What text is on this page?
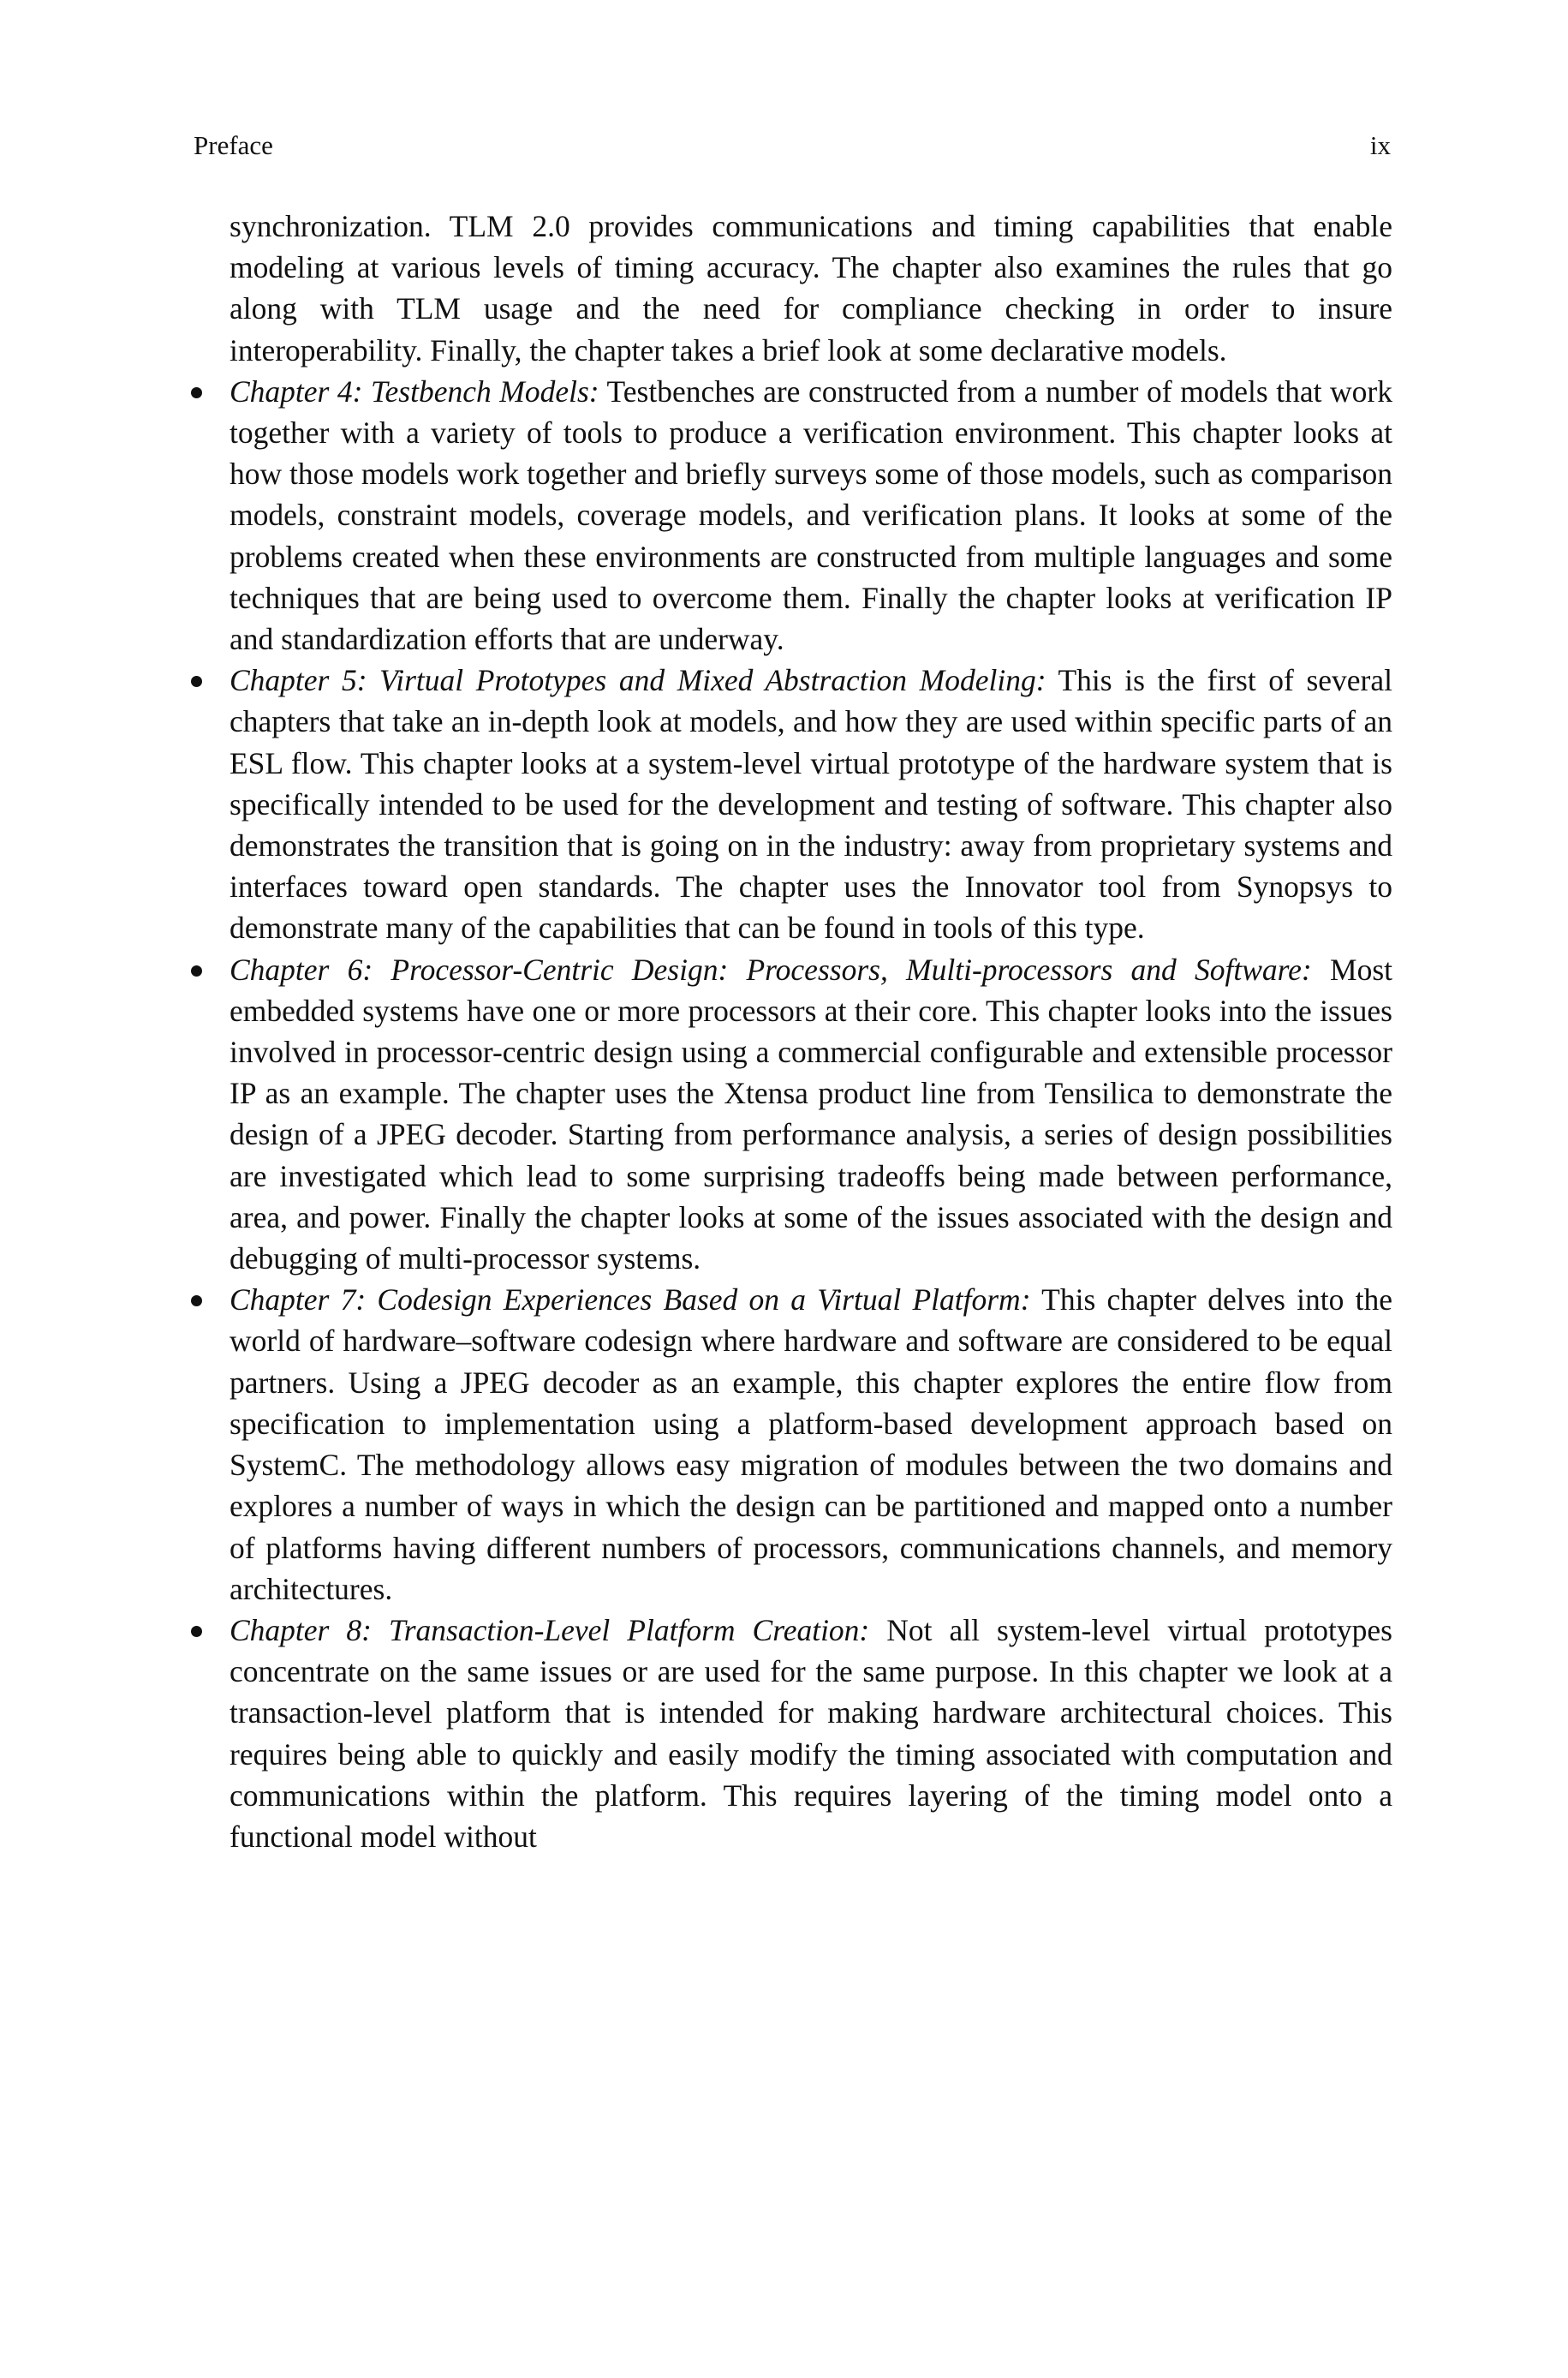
Preface	ix

synchronization. TLM 2.0 provides communications and timing capabilities that enable modeling at various levels of timing accuracy. The chapter also examines the rules that go along with TLM usage and the need for compliance checking in order to insure interoperability. Finally, the chapter takes a brief look at some declarative models.

Chapter 4: Testbench Models: Testbenches are constructed from a number of models that work together with a variety of tools to produce a verification environment. This chapter looks at how those models work together and briefly surveys some of those models, such as comparison models, constraint models, coverage models, and verification plans. It looks at some of the problems created when these environments are constructed from multiple languages and some techniques that are being used to overcome them. Finally the chapter looks at verification IP and standardization efforts that are underway.
Chapter 5: Virtual Prototypes and Mixed Abstraction Modeling: This is the first of several chapters that take an in-depth look at models, and how they are used within specific parts of an ESL flow. This chapter looks at a system-level virtual prototype of the hardware system that is specifically intended to be used for the development and testing of software. This chapter also demonstrates the transition that is going on in the industry: away from proprietary systems and interfaces toward open standards. The chapter uses the Innovator tool from Synopsys to demonstrate many of the capabilities that can be found in tools of this type.
Chapter 6: Processor-Centric Design: Processors, Multi-processors and Software: Most embedded systems have one or more processors at their core. This chapter looks into the issues involved in processor-centric design using a commercial configurable and extensible processor IP as an example. The chapter uses the Xtensa product line from Tensilica to demonstrate the design of a JPEG decoder. Starting from performance analysis, a series of design possibilities are investigated which lead to some surprising tradeoffs being made between performance, area, and power. Finally the chapter looks at some of the issues associated with the design and debugging of multi-processor systems.
Chapter 7: Codesign Experiences Based on a Virtual Platform: This chapter delves into the world of hardware–software codesign where hardware and software are considered to be equal partners. Using a JPEG decoder as an example, this chapter explores the entire flow from specification to implementation using a platform-based development approach based on SystemC. The methodology allows easy migration of modules between the two domains and explores a number of ways in which the design can be partitioned and mapped onto a number of platforms having different numbers of processors, communications channels, and memory architectures.
Chapter 8: Transaction-Level Platform Creation: Not all system-level virtual prototypes concentrate on the same issues or are used for the same purpose. In this chapter we look at a transaction-level platform that is intended for making hardware architectural choices. This requires being able to quickly and easily modify the timing associated with computation and communications within the platform. This requires layering of the timing model onto a functional model without
